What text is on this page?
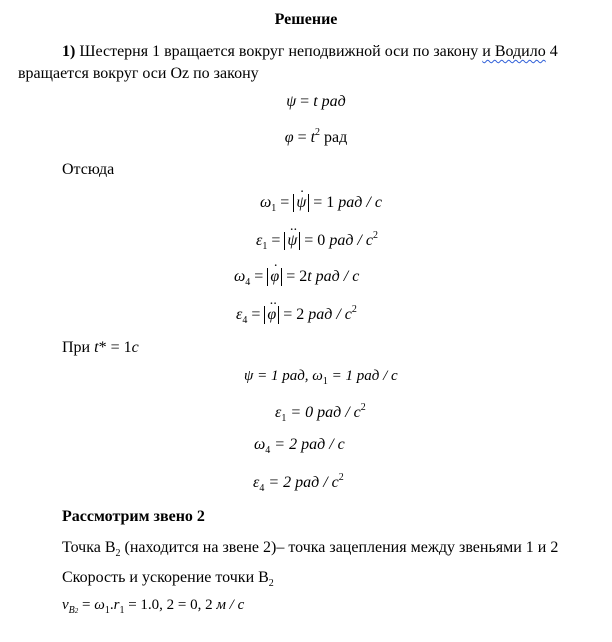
Решение
1) Шестерня 1 вращается вокруг неподвижной оси по закону и Водило 4
вращается вокруг оси Oz по закону
ψ = t рад
$\varphi = t^2$ рад
Отсюда
$\omega_1$ = · ψ = 1 рад / с
$\varepsilon_1$ = ·· ψ = 0 рад / $с^2$
$\omega_4$ = · φ = 2t рад / с
$\varepsilon_4$ = ·· φ = 2 рад / $с^2$
При t* = 1с
ψ = 1 рад, $\omega_1 = 1$ рад / с
$\varepsilon_1 = 0$ рад / $с^2$
$\omega_4 = 2$ рад / с
$\varepsilon_4 = 2$ рад / $с^2$
Рассмотрим звено 2
Точка $В_2$ (находится на звене 2)– точка зацепления между звеньями 1 и 2
Скорость и ускорение точки $В_2$
$v_{B2} = \omega_1.r_1 = 1.0$, 2 = 0, 2 м / с
